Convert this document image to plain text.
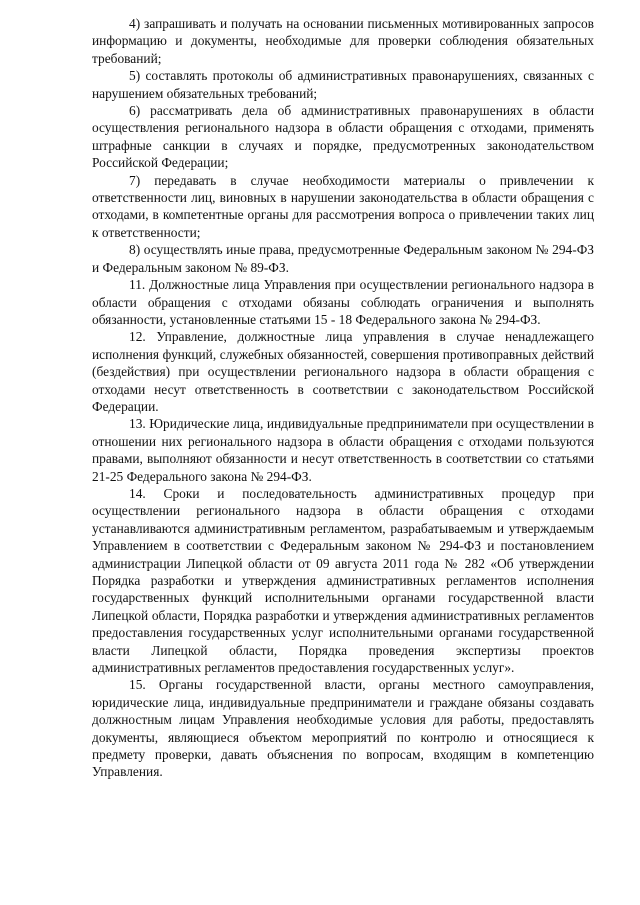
4) запрашивать и получать на основании письменных мотивированных запросов информацию и документы, необходимые для проверки соблюдения обязательных требований;

5) составлять протоколы об административных правонарушениях, связанных с нарушением обязательных требований;

6) рассматривать дела об административных правонарушениях в области осуществления регионального надзора в области обращения с отходами, применять штрафные санкции в случаях и порядке, предусмотренных законодательством Российской Федерации;

7) передавать в случае необходимости материалы о привлечении к ответственности лиц, виновных в нарушении законодательства в области обращения с отходами, в компетентные органы для рассмотрения вопроса о привлечении таких лиц к ответственности;

8) осуществлять иные права, предусмотренные Федеральным законом № 294-ФЗ и Федеральным законом № 89-ФЗ.

11. Должностные лица Управления при осуществлении регионального надзора в области обращения с отходами обязаны соблюдать ограничения и выполнять обязанности, установленные статьями 15 - 18 Федерального закона № 294-ФЗ.

12. Управление, должностные лица управления в случае ненадлежащего исполнения функций, служебных обязанностей, совершения противоправных действий (бездействия) при осуществлении регионального надзора в области обращения с отходами несут ответственность в соответствии с законодательством Российской Федерации.

13. Юридические лица, индивидуальные предприниматели при осуществлении в отношении них регионального надзора в области обращения с отходами пользуются правами, выполняют обязанности и несут ответственность в соответствии со статьями 21-25 Федерального закона № 294-ФЗ.

14. Сроки и последовательность административных процедур при осуществлении регионального надзора в области обращения с отходами устанавливаются административным регламентом, разрабатываемым и утверждаемым Управлением в соответствии с Федеральным законом № 294-ФЗ и постановлением администрации Липецкой области от 09 августа 2011 года № 282 «Об утверждении Порядка разработки и утверждения административных регламентов исполнения государственных функций исполнительными органами государственной власти Липецкой области, Порядка разработки и утверждения административных регламентов предоставления государственных услуг исполнительными органами государственной власти Липецкой области, Порядка проведения экспертизы проектов административных регламентов предоставления государственных услуг».

15. Органы государственной власти, органы местного самоуправления, юридические лица, индивидуальные предприниматели и граждане обязаны создавать должностным лицам Управления необходимые условия для работы, предоставлять документы, являющиеся объектом мероприятий по контролю и относящиеся к предмету проверки, давать объяснения по вопросам, входящим в компетенцию Управления.
